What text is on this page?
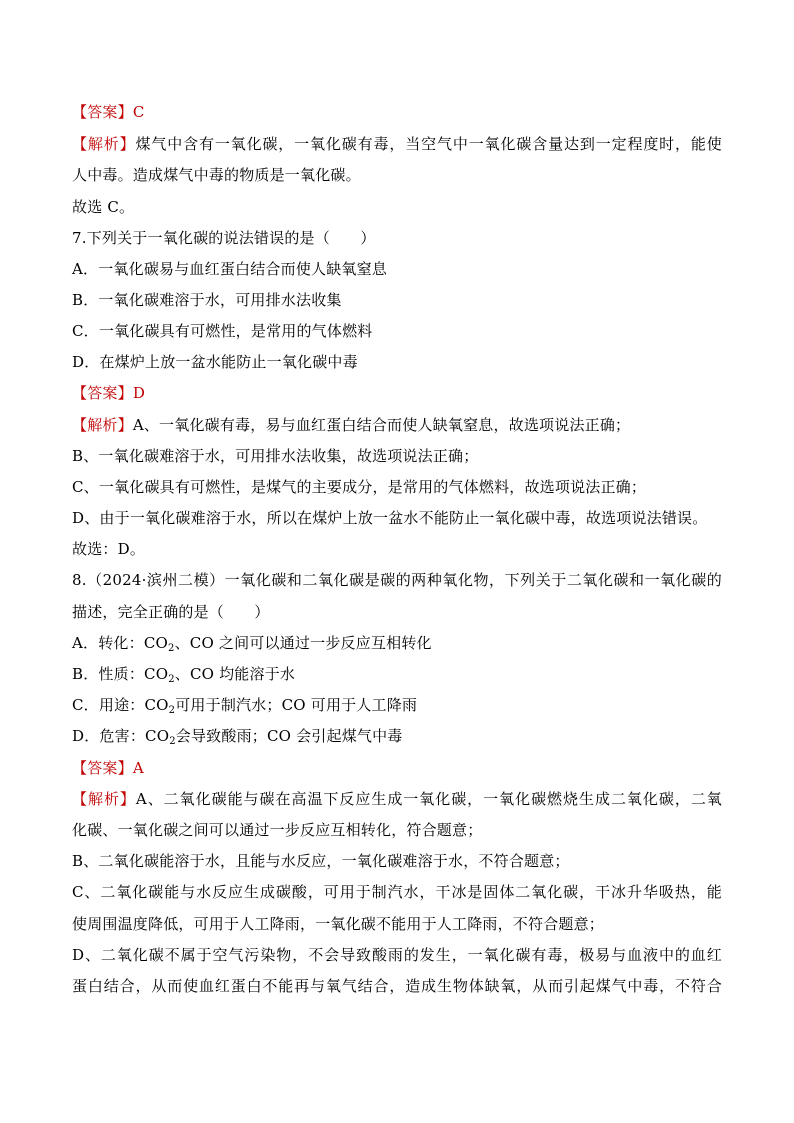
【答案】C
【解析】煤气中含有一氧化碳，一氧化碳有毒，当空气中一氧化碳含量达到一定程度时，能使
人中毒。造成煤气中毒的物质是一氧化碳。
故选 C。
7.下列关于一氧化碳的说法错误的是（　　）
A．一氧化碳易与血红蛋白结合而使人缺氧窒息
B．一氧化碳难溶于水，可用排水法收集
C．一氧化碳具有可燃性，是常用的气体燃料
D．在煤炉上放一盆水能防止一氧化碳中毒
【答案】D
【解析】A、一氧化碳有毒，易与血红蛋白结合而使人缺氧窒息，故选项说法正确；
B、一氧化碳难溶于水，可用排水法收集，故选项说法正确；
C、一氧化碳具有可燃性，是煤气的主要成分，是常用的气体燃料，故选项说法正确；
D、由于一氧化碳难溶于水，所以在煤炉上放一盆水不能防止一氧化碳中毒，故选项说法错误。
故选：D。
8.（2024·滨州二模）一氧化碳和二氧化碳是碳的两种氧化物，下列关于二氧化碳和一氧化碳的
描述，完全正确的是（　　）
A．转化：$CO_2$、CO 之间可以通过一步反应互相转化
B．性质：$CO_2$、CO 均能溶于水
C．用途：$CO_2$可用于制汽水；CO 可用于人工降雨
D．危害：$CO_2$会导致酸雨；CO 会引起煤气中毒
【答案】A
【解析】A、二氧化碳能与碳在高温下反应生成一氧化碳，一氧化碳燃烧生成二氧化碳，二氧
化碳、一氧化碳之间可以通过一步反应互相转化，符合题意；
B、二氧化碳能溶于水，且能与水反应，一氧化碳难溶于水，不符合题意；
C、二氧化碳能与水反应生成碳酸，可用于制汽水，干冰是固体二氧化碳，干冰升华吸热，能
使周围温度降低，可用于人工降雨，一氧化碳不能用于人工降雨，不符合题意；
D、二氧化碳不属于空气污染物，不会导致酸雨的发生，一氧化碳有毒，极易与血液中的血红
蛋白结合，从而使血红蛋白不能再与氧气结合，造成生物体缺氧，从而引起煤气中毒，不符合
